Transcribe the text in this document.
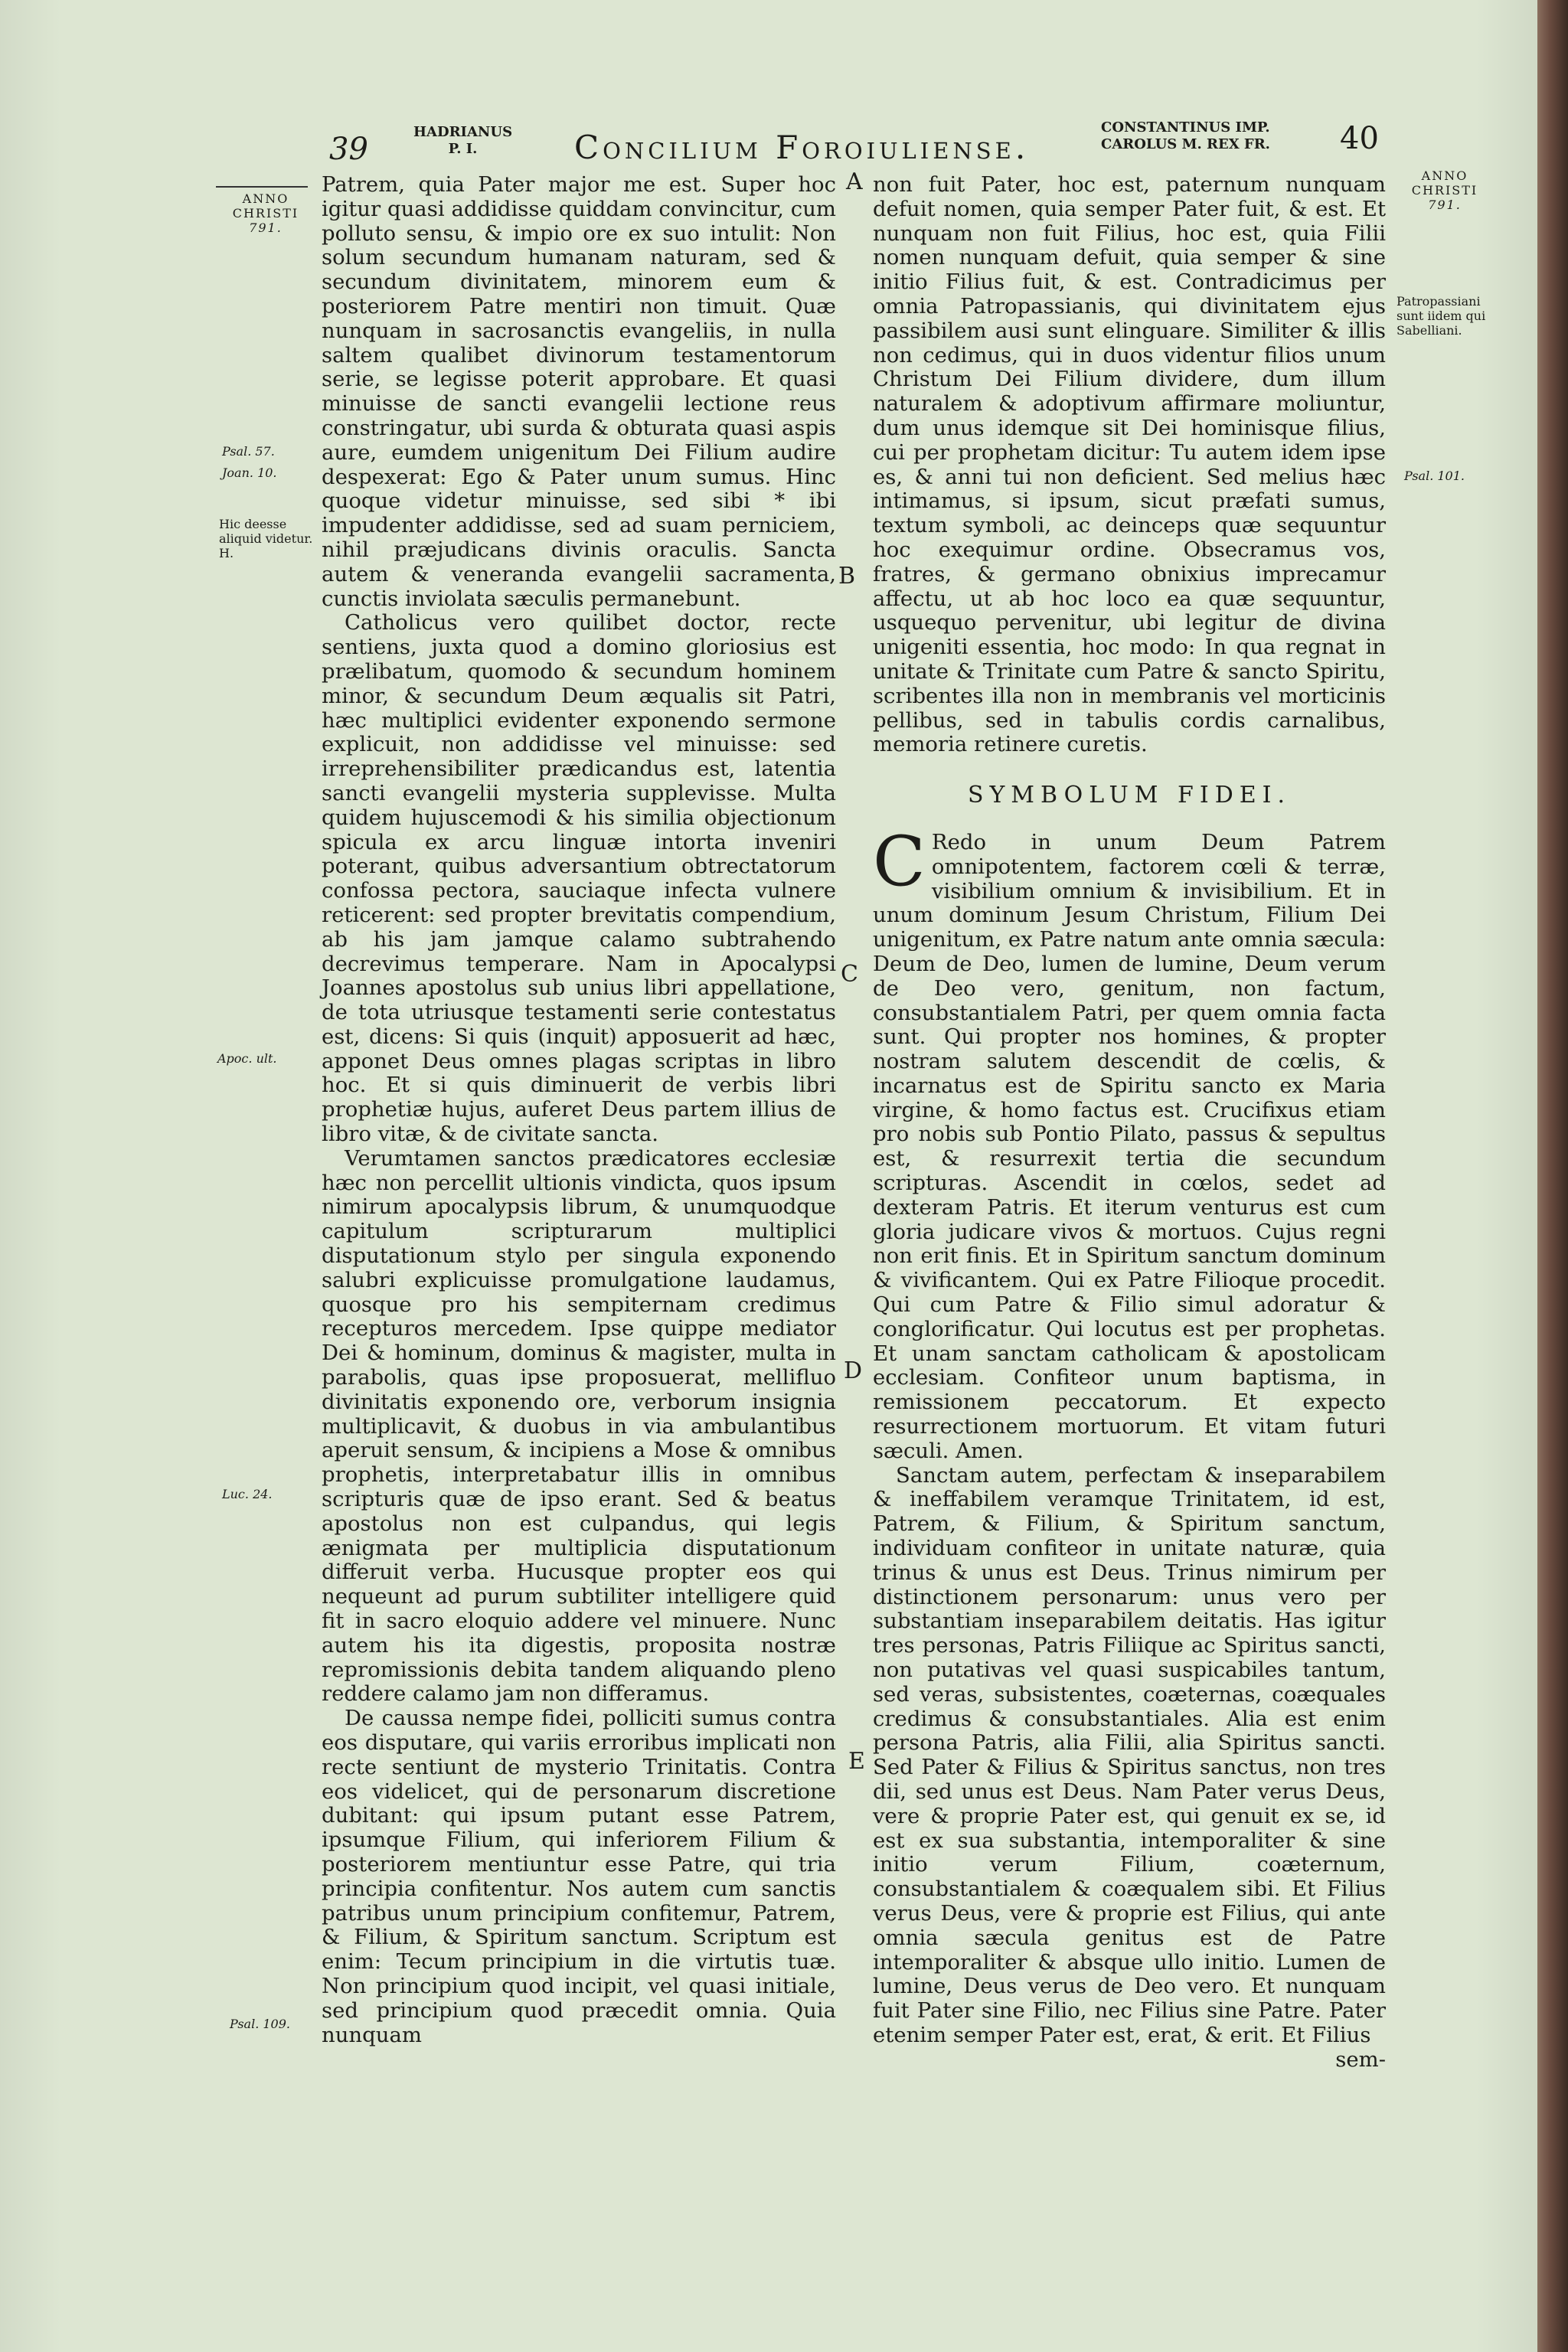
39	HADRIANUS
P. I.	Concilium Foroiuliense.
CONSTANTINUS IMP.
CAROLUS M. REX FR. 40
ANNO
CHRISTI
791.
Psal. 57.
Joan. 10.
Hic deesse aliquid videtur. H.
Apoc. ult.
Luc. 24.
Psal. 109.
ANNO
CHRISTI
791.
Patropassiani sunt iidem qui Sabelliani.
Psal. 101.
A
B
C
D
E

Patrem, quia Pater major me est. Super hoc igitur quasi addidisse quiddam convincitur, cum polluto sensu, & impio ore ex suo intulit: Non solum secundum humanam naturam, sed & secundum divinitatem, minorem eum & posteriorem Patre mentiri non timuit. Quæ nunquam in sacrosanctis evangeliis, in nulla saltem qualibet divinorum testamentorum serie, se legisse poterit approbare. Et quasi minuisse de sancti evangelii lectione reus constringatur, ubi surda & obturata quasi aspis aure, eumdem unigenitum Dei Filium audire despexerat: Ego & Pater unum sumus. Hinc quoque videtur minuisse, sed sibi * ibi impudenter addidisse, sed ad suam perniciem, nihil præjudicans divinis oraculis. Sancta autem & veneranda evangelii sacramenta, cunctis inviolata sæculis permanebunt.

Catholicus vero quilibet doctor, recte sentiens, juxta quod a domino gloriosius est prælibatum, quomodo & secundum hominem minor, & secundum Deum æqualis sit Patri, hæc multiplici evidenter exponendo sermone explicuit, non addidisse vel minuisse: sed irreprehensibiliter prædicandus est, latentia sancti evangelii mysteria supplevisse. Multa quidem hujuscemodi & his similia objectionum spicula ex arcu linguæ intorta inveniri poterant, quibus adversantium obtrectatorum confossa pectora, sauciaque infecta vulnere reticerent: sed propter brevitatis compendium, ab his jam jamque calamo subtrahendo decrevimus temperare. Nam in Apocalypsi Joannes apostolus sub unius libri appellatione, de tota utriusque testamenti serie contestatus est, dicens: Si quis (inquit) apposuerit ad hæc, apponet Deus omnes plagas scriptas in libro hoc. Et si quis diminuerit de verbis libri prophetiæ hujus, auferet Deus partem illius de libro vitæ, & de civitate sancta.

Verumtamen sanctos prædicatores ecclesiæ hæc non percellit ultionis vindicta, quos ipsum nimirum apocalypsis librum, & unumquodque capitulum scripturarum multiplici disputationum stylo per singula exponendo salubri explicuisse promulgatione laudamus, quosque pro his sempiternam credimus recepturos mercedem. Ipse quippe mediator Dei & hominum, dominus & magister, multa in parabolis, quas ipse proposuerat, mellifluo divinitatis exponendo ore, verborum insignia multiplicavit, & duobus in via ambulantibus aperuit sensum, & incipiens a Mose & omnibus prophetis, interpretabatur illis in omnibus scripturis quæ de ipso erant. Sed & beatus apostolus non est culpandus, qui legis ænigmata per multiplicia disputationum differuit verba. Hucusque propter eos qui nequeunt ad purum subtiliter intelligere quid fit in sacro eloquio addere vel minuere. Nunc autem his ita digestis, proposita nostræ repromissionis debita tandem aliquando pleno reddere calamo jam non differamus.

De caussa nempe fidei, polliciti sumus contra eos disputare, qui variis erroribus implicati non recte sentiunt de mysterio Trinitatis. Contra eos videlicet, qui de personarum discretione dubitant: qui ipsum putant esse Patrem, ipsumque Filium, qui inferiorem Filium & posteriorem mentiuntur esse Patre, qui tria principia confitentur. Nos autem cum sanctis patribus unum principium confitemur, Patrem, & Filium, & Spiritum sanctum. Scriptum est enim: Tecum principium in die virtutis tuæ. Non principium quod incipit, vel quasi initiale, sed principium quod præcedit omnia. Quia nunquam

non fuit Pater, hoc est, paternum nunquam defuit nomen, quia semper Pater fuit, & est. Et nunquam non fuit Filius, hoc est, quia Filii nomen nunquam defuit, quia semper & sine initio Filius fuit, & est. Contradicimus per omnia Patropassianis, qui divinitatem ejus passibilem ausi sunt elinguare. Similiter & illis non cedimus, qui in duos videntur filios unum Christum Dei Filium dividere, dum illum naturalem & adoptivum affirmare moliuntur, dum unus idemque sit Dei hominisque filius, cui per prophetam dicitur: Tu autem idem ipse es, & anni tui non deficient. Sed melius hæc intimamus, si ipsum, sicut præfati sumus, textum symboli, ac deinceps quæ sequuntur hoc exequimur ordine. Obsecramus vos, fratres, & germano obnixius imprecamur affectu, ut ab hoc loco ea quæ sequuntur, usquequo pervenitur, ubi legitur de divina unigeniti essentia, hoc modo: In qua regnat in unitate & Trinitate cum Patre & sancto Spiritu, scribentes illa non in membranis vel morticinis pellibus, sed in tabulis cordis carnalibus, memoria retinere curetis.

SYMBOLUM FIDEI.

C Redo in unum Deum Patrem omnipotentem, factorem cœli & terræ, visibilium omnium & invisibilium. Et in unum dominum Jesum Christum, Filium Dei unigenitum, ex Patre natum ante omnia sæcula: Deum de Deo, lumen de lumine, Deum verum de Deo vero, genitum, non factum, consubstantialem Patri, per quem omnia facta sunt. Qui propter nos homines, & propter nostram salutem descendit de cœlis, & incarnatus est de Spiritu sancto ex Maria virgine, & homo factus est. Crucifixus etiam pro nobis sub Pontio Pilato, passus & sepultus est, & resurrexit tertia die secundum scripturas. Ascendit in cœlos, sedet ad dexteram Patris. Et iterum venturus est cum gloria judicare vivos & mortuos. Cujus regni non erit finis. Et in Spiritum sanctum dominum & vivificantem. Qui ex Patre Filioque procedit. Qui cum Patre & Filio simul adoratur & conglorificatur. Qui locutus est per prophetas. Et unam sanctam catholicam & apostolicam ecclesiam. Confiteor unum baptisma, in remissionem peccatorum. Et expecto resurrectionem mortuorum. Et vitam futuri sæculi. Amen.

Sanctam autem, perfectam & inseparabilem & ineffabilem veramque Trinitatem, id est, Patrem, & Filium, & Spiritum sanctum, individuam confiteor in unitate naturæ, quia trinus & unus est Deus. Trinus nimirum per distinctionem personarum: unus vero per substantiam inseparabilem deitatis. Has igitur tres personas, Patris Filiique ac Spiritus sancti, non putativas vel quasi suspicabiles tantum, sed veras, subsistentes, coæternas, coæquales credimus & consubstantiales. Alia est enim persona Patris, alia Filii, alia Spiritus sancti. Sed Pater & Filius & Spiritus sanctus, non tres dii, sed unus est Deus. Nam Pater verus Deus, vere & proprie Pater est, qui genuit ex se, id est ex sua substantia, intemporaliter & sine initio verum Filium, coæternum, consubstantialem & coæqualem sibi. Et Filius verus Deus, vere & proprie est Filius, qui ante omnia sæcula genitus est de Patre intemporaliter & absque ullo initio. Lumen de lumine, Deus verus de Deo vero. Et nunquam fuit Pater sine Filio, nec Filius sine Patre. Pater etenim semper Pater est, erat, & erit. Et Filius

sem-
